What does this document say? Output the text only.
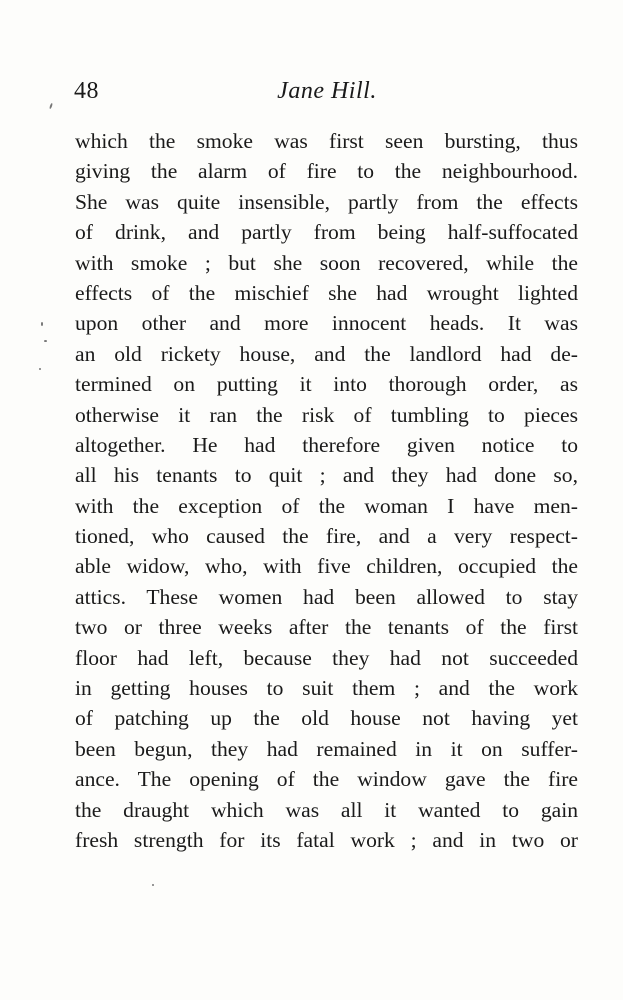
48	Jane Hill.
which the smoke was first seen bursting, thus
giving the alarm of fire to the neighbourhood.
She was quite insensible, partly from the effects
of drink, and partly from being half-suffocated
with smoke ; but she soon recovered, while the
effects of the mischief she had wrought lighted
upon other and more innocent heads. It was
an old rickety house, and the landlord had de-
termined on putting it into thorough order, as
otherwise it ran the risk of tumbling to pieces
altogether. He had therefore given notice to
all his tenants to quit ; and they had done so,
with the exception of the woman I have men-
tioned, who caused the fire, and a very respect-
able widow, who, with five children, occupied the
attics. These women had been allowed to stay
two or three weeks after the tenants of the first
floor had left, because they had not succeeded
in getting houses to suit them ; and the work
of patching up the old house not having yet
been begun, they had remained in it on suffer-
ance. The opening of the window gave the fire
the draught which was all it wanted to gain
fresh strength for its fatal work ; and in two or
